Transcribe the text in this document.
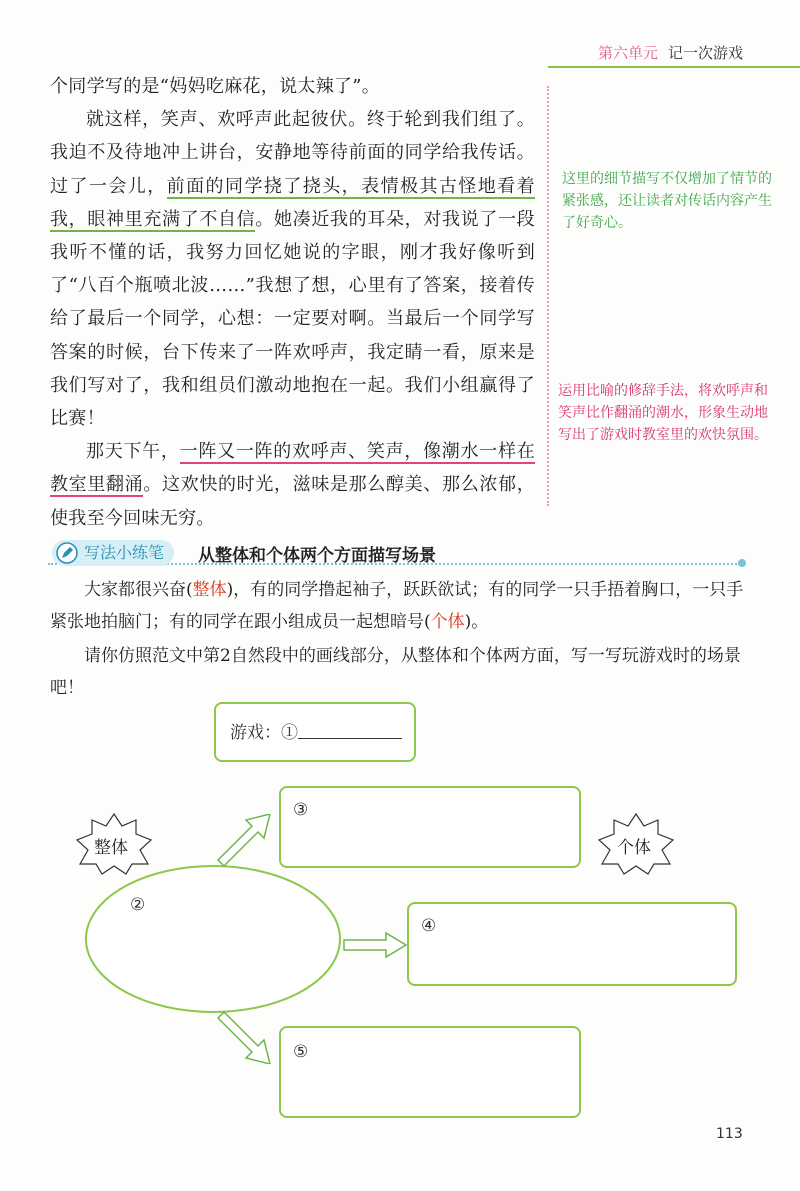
第六单元 记一次游戏

个同学写的是“妈妈吃麻花，说太辣了”。

就这样，笑声、欢呼声此起彼伏。终于轮到我们组了。我迫不及待地冲上讲台，安静地等待前面的同学给我传话。过了一会儿，前面的同学挠了挠头，表情极其古怪地看着我，眼神里充满了不自信。她凑近我的耳朵，对我说了一段我听不懂的话，我努力回忆她说的字眼，刚才我好像听到了“八百个瓶喷北波……”我想了想，心里有了答案，接着传给了最后一个同学，心想：一定要对啊。当最后一个同学写答案的时候，台下传来了一阵欢呼声，我定睛一看，原来是我们写对了，我和组员们激动地抱在一起。我们小组赢得了比赛！

那天下午，一阵又一阵的欢呼声、笑声，像潮水一样在教室里翻涌。这欢快的时光，滋味是那么醇美、那么浓郁，使我至今回味无穷。

这里的细节描写不仅增加了情节的紧张感，还让读者对传话内容产生了好奇心。
运用比喻的修辞手法，将欢呼声和笑声比作翻涌的潮水，形象生动地写出了游戏时教室里的欢快氛围。
写法小练笔	从整体和个体两个方面描写场景
大家都很兴奋(整体)，有的同学撸起袖子，跃跃欲试；有的同学一只手捂着胸口，一只手紧张地拍脑门；有的同学在跟小组成员一起想暗号(个体)。
请你仿照范文中第2自然段中的画线部分，从整体和个体两方面，写一写玩游戏时的场景吧！
游戏：①
整体	个体
③
②
④
⑤
113
